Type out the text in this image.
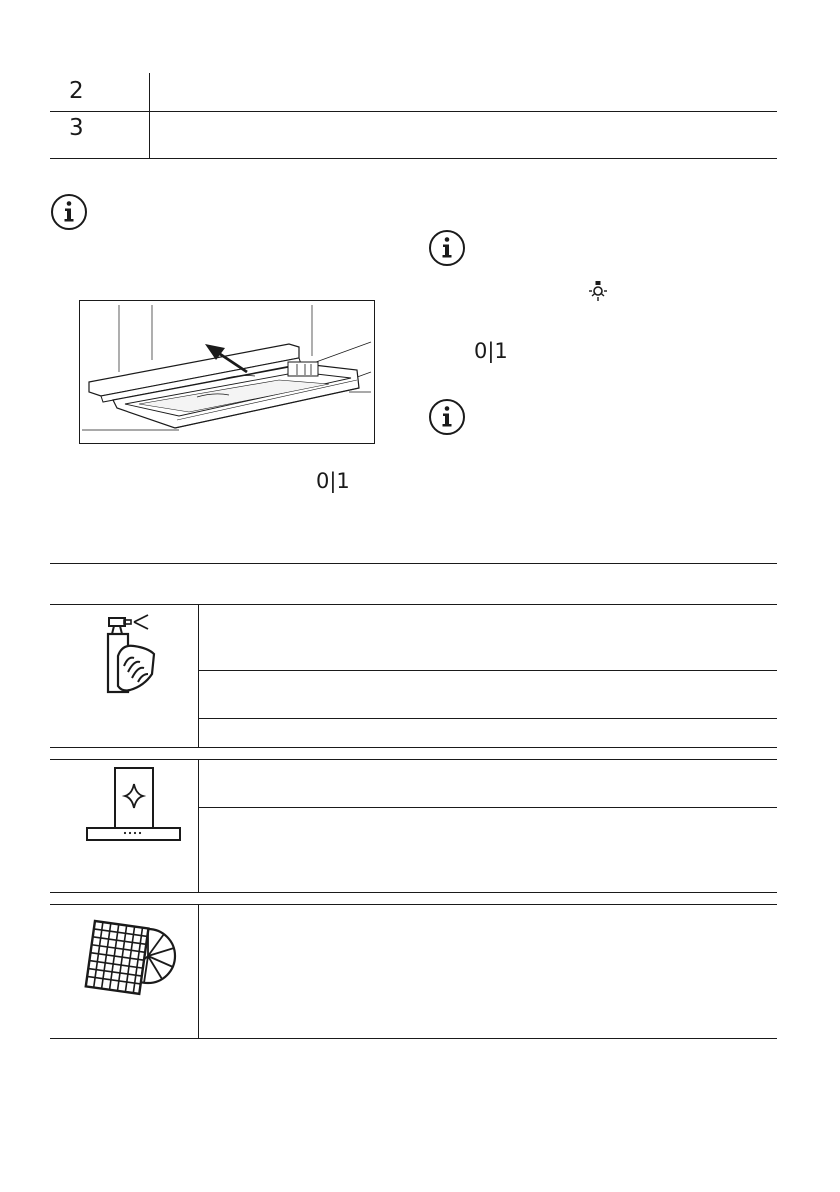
2
3
0|1
0|1
